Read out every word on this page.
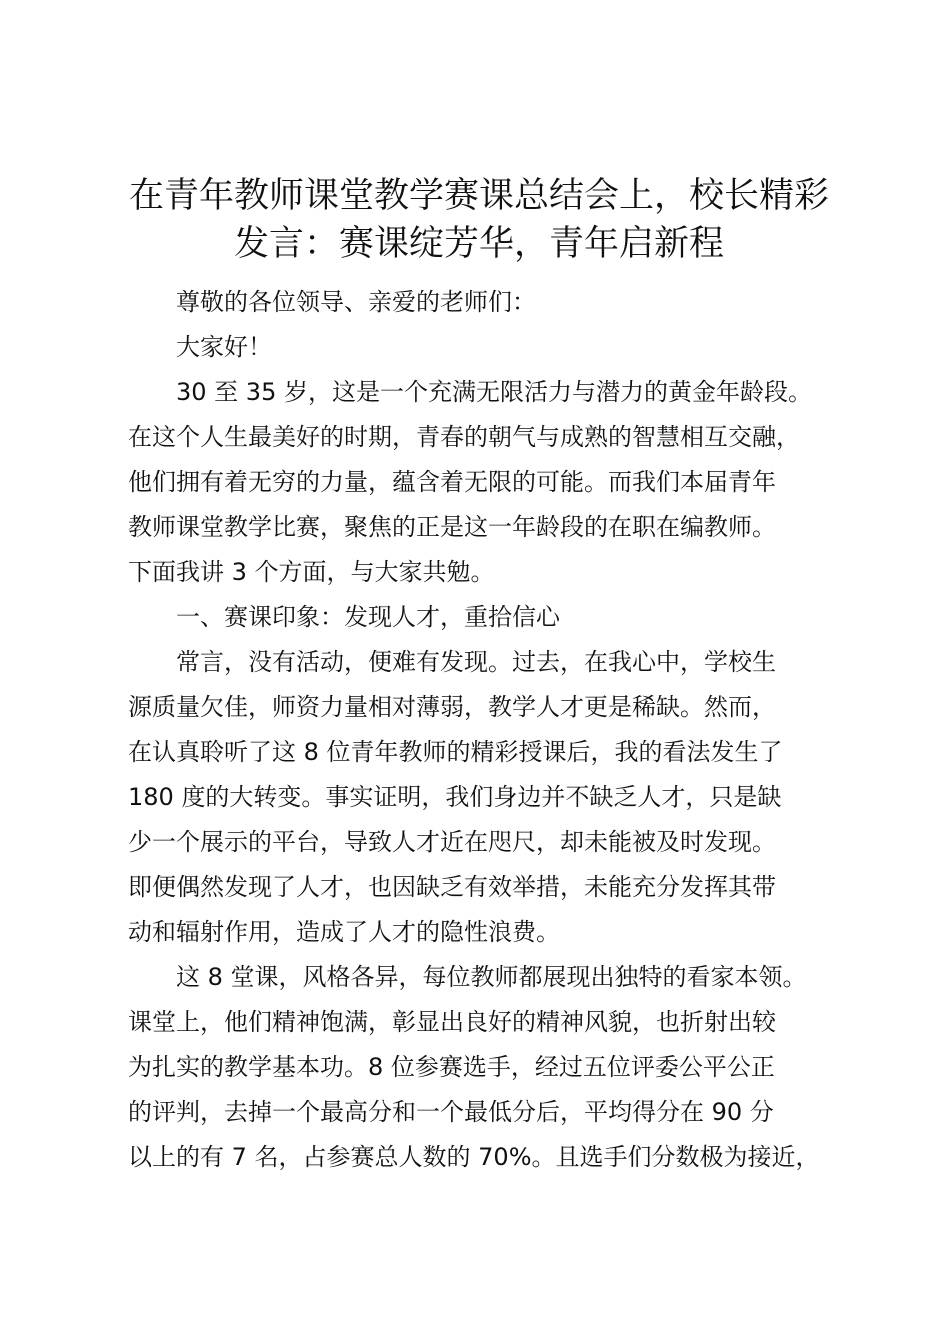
在青年教师课堂教学赛课总结会上，校长精彩
发言：赛课绽芳华，青年启新程

尊敬的各位领导、亲爱的老师们：

大家好！

30 至 35 岁，这是一个充满无限活力与潜力的黄金年龄段。
在这个人生最美好的时期，青春的朝气与成熟的智慧相互交融，
他们拥有着无穷的力量，蕴含着无限的可能。而我们本届青年
教师课堂教学比赛，聚焦的正是这一年龄段的在职在编教师。
下面我讲 3 个方面，与大家共勉。

一、赛课印象：发现人才，重拾信心

常言，没有活动，便难有发现。过去，在我心中，学校生
源质量欠佳，师资力量相对薄弱，教学人才更是稀缺。然而，
在认真聆听了这 8 位青年教师的精彩授课后，我的看法发生了
180 度的大转变。事实证明，我们身边并不缺乏人才，只是缺
少一个展示的平台，导致人才近在咫尺，却未能被及时发现。
即便偶然发现了人才，也因缺乏有效举措，未能充分发挥其带
动和辐射作用，造成了人才的隐性浪费。
这 8 堂课，风格各异，每位教师都展现出独特的看家本领。
课堂上，他们精神饱满，彰显出良好的精神风貌，也折射出较
为扎实的教学基本功。8 位参赛选手，经过五位评委公平公正
的评判，去掉一个最高分和一个最低分后，平均得分在 90 分
以上的有 7 名，占参赛总人数的 70%。且选手们分数极为接近，
